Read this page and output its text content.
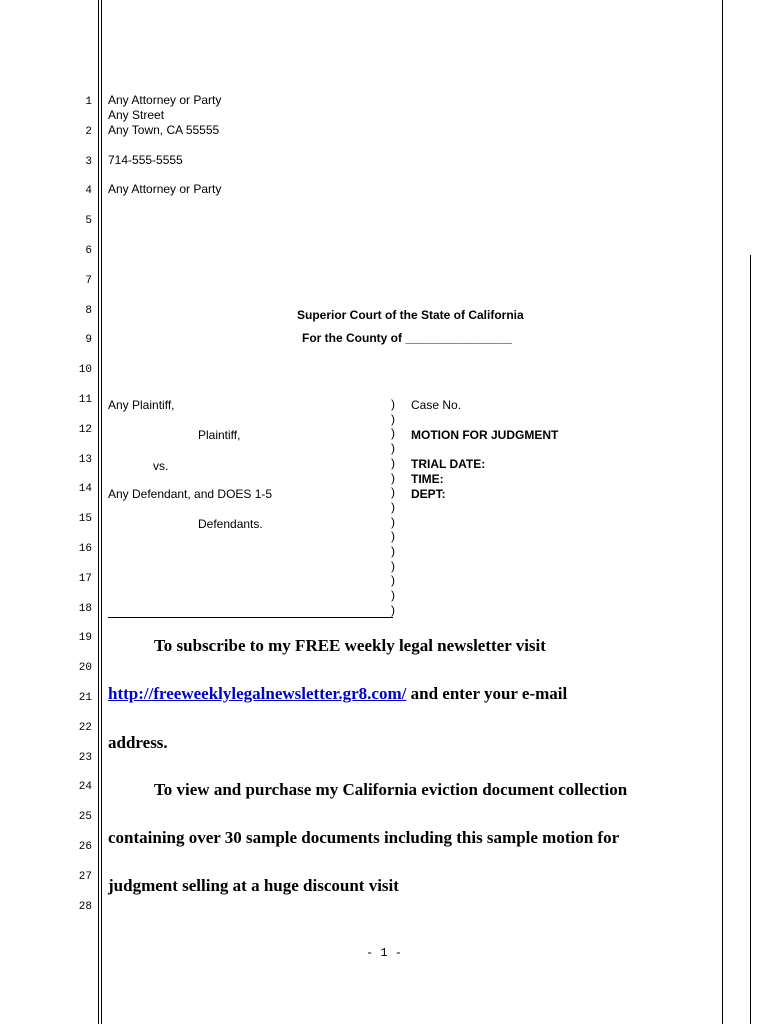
1
2
3
4
5
6
7
8
9
10
11
12
13
14
15
16
17
18
19
20
21
22
23
24
25
26
27
28
Any Attorney or Party
Any Street
Any Town, CA 55555
714-555-5555
Any Attorney or Party
Superior Court of the State of California
For the County of ________________
Any Plaintiff,
Plaintiff,
vs.
Any Defendant, and DOES 1-5
Defendants.
)
)
)
)
)
)
)
)
)
)
)
)
)
)
)
Case No.
MOTION FOR JUDGMENT
TRIAL DATE:
TIME:
DEPT:
To subscribe to my FREE weekly legal newsletter visit
http://freeweeklylegalnewsletter.gr8.com/ and enter your e-mail
address.
To view and purchase my California eviction document collection
containing over 30 sample documents including this sample motion for
judgment selling at a huge discount visit
- 1 -
